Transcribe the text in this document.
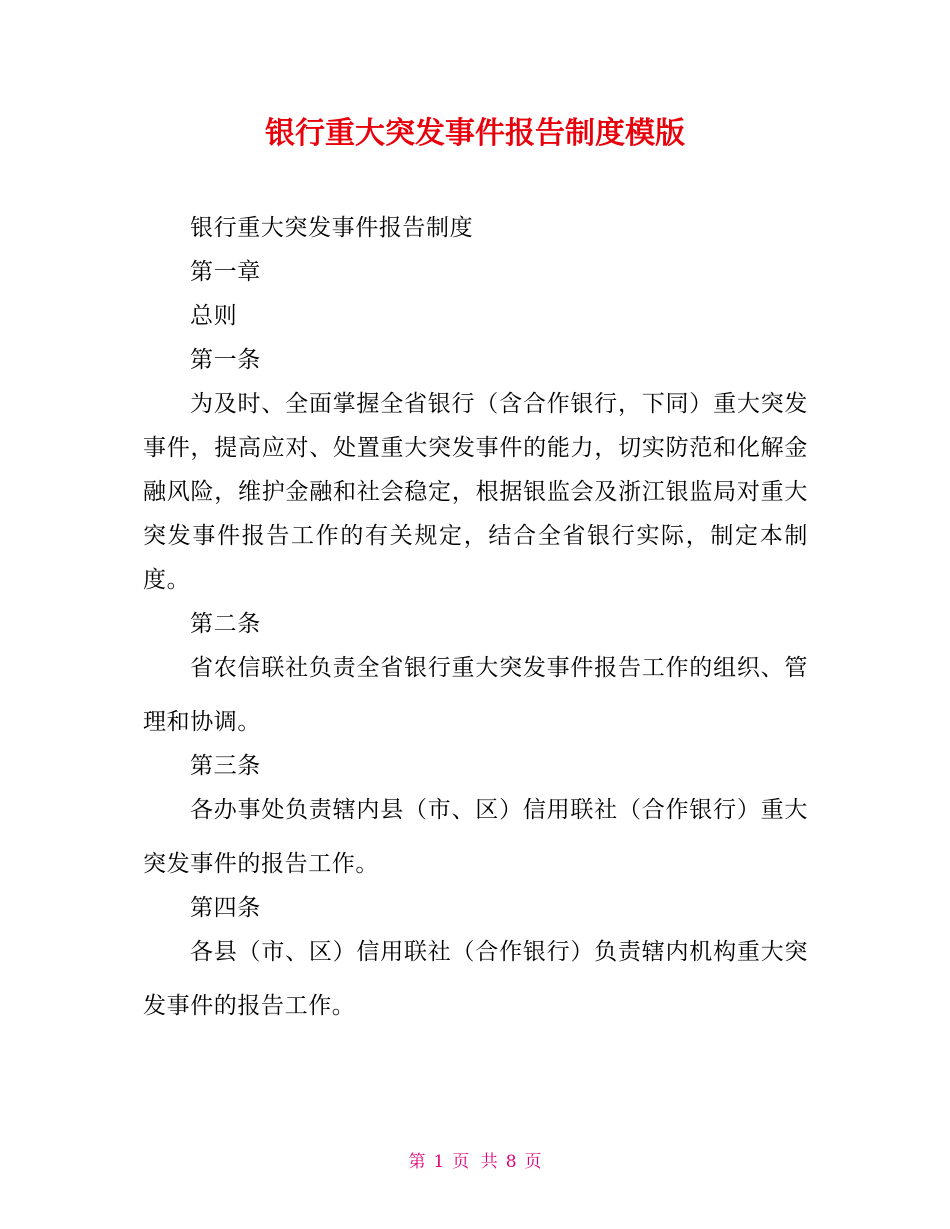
银行重大突发事件报告制度模版

银行重大突发事件报告制度

第一章

总则

第一条

为及时、全面掌握全省银行（含合作银行，下同）重大突发事件，提高应对、处置重大突发事件的能力，切实防范和化解金融风险，维护金融和社会稳定，根据银监会及浙江银监局对重大突发事件报告工作的有关规定，结合全省银行实际，制定本制度。

第二条

省农信联社负责全省银行重大突发事件报告工作的组织、管理和协调。

第三条

各办事处负责辖内县（市、区）信用联社（合作银行）重大突发事件的报告工作。

第四条

各县（市、区）信用联社（合作银行）负责辖内机构重大突发事件的报告工作。

第 1 页 共 8 页
